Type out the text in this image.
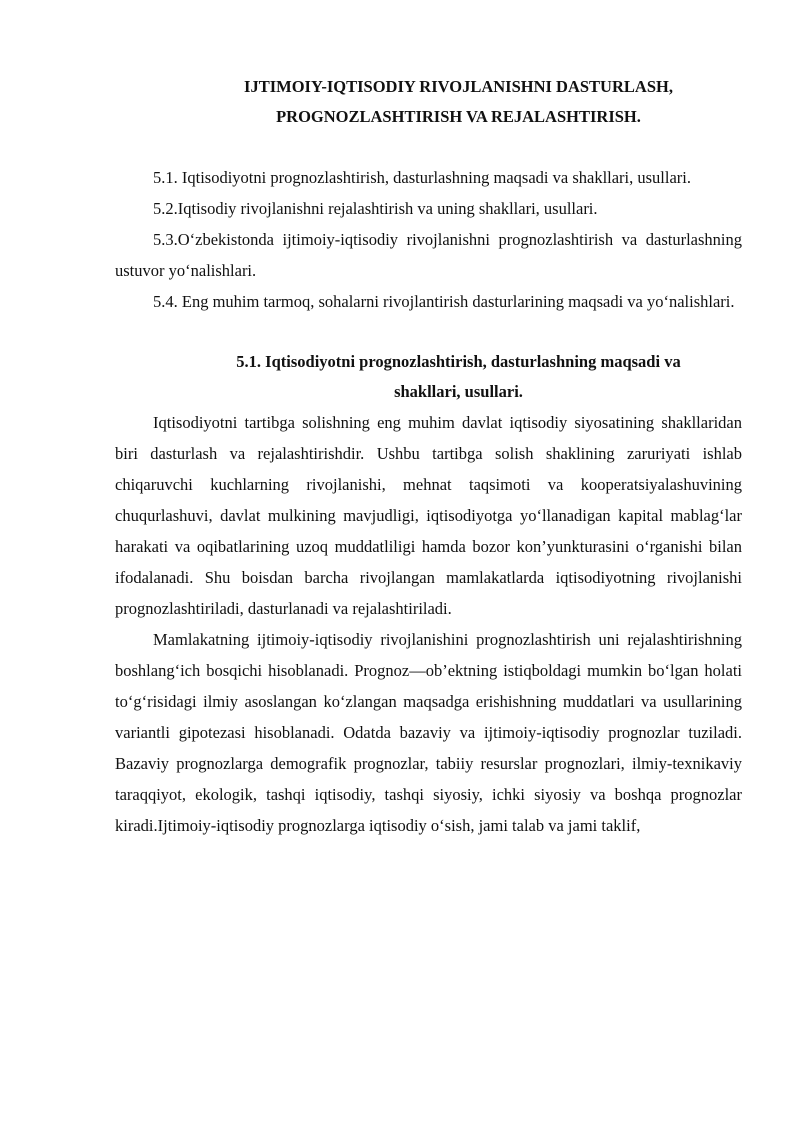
IJTIMOIY-IQTISODIY RIVOJLANISHNI DASTURLASH,
PROGNOZLASHTIRISH VA REJALASHTIRISH.

5.1. Iqtisodiyotni prognozlashtirish, dasturlashning maqsadi va shakllari, usullari.

5.2.Iqtisodiy rivojlanishni rejalashtirish va uning shakllari, usullari.

5.3.O‘zbekistonda ijtimoiy-iqtisodiy rivojlanishni prognozlashtirish va dasturlashning ustuvor yo‘nalishlari.

5.4. Eng muhim tarmoq, sohalarni rivojlantirish dasturlarining maqsadi va yo‘nalishlari.

5.1. Iqtisodiyotni prognozlashtirish, dasturlashning maqsadi va
shakllari, usullari.

Iqtisodiyotni tartibga solishning eng muhim davlat iqtisodiy siyosatining shakllaridan biri dasturlash va rejalashtirishdir. Ushbu tartibga solish shaklining zaruriyati ishlab chiqaruvchi kuchlarning rivojlanishi, mehnat taqsimoti va kooperatsiyalashuvining chuqurlashuvi, davlat mulkining mavjudligi, iqtisodiyotga yo‘llanadigan kapital mablag‘lar harakati va oqibatlarining uzoq muddatliligi hamda bozor kon’yunkturasini o‘rganishi bilan ifodalanadi. Shu boisdan barcha rivojlangan mamlakatlarda iqtisodiyotning rivojlanishi prognozlashtiriladi, dasturlanadi va rejalashtiriladi.

Mamlakatning ijtimoiy-iqtisodiy rivojlanishini prognozlashtirish uni rejalashtirishning boshlang‘ich bosqichi hisoblanadi. Prognoz—ob’ektning istiqboldagi mumkin bo‘lgan holati to‘g‘risidagi ilmiy asoslangan ko‘zlangan maqsadga erishishning muddatlari va usullarining variantli gipotezasi hisoblanadi. Odatda bazaviy va ijtimoiy-iqtisodiy prognozlar tuziladi. Bazaviy prognozlarga demografik prognozlar, tabiiy resurslar prognozlari, ilmiy-texnikaviy taraqqiyot, ekologik, tashqi iqtisodiy, tashqi siyosiy, ichki siyosiy va boshqa prognozlar kiradi.Ijtimoiy-iqtisodiy prognozlarga iqtisodiy o‘sish, jami talab va jami taklif,
